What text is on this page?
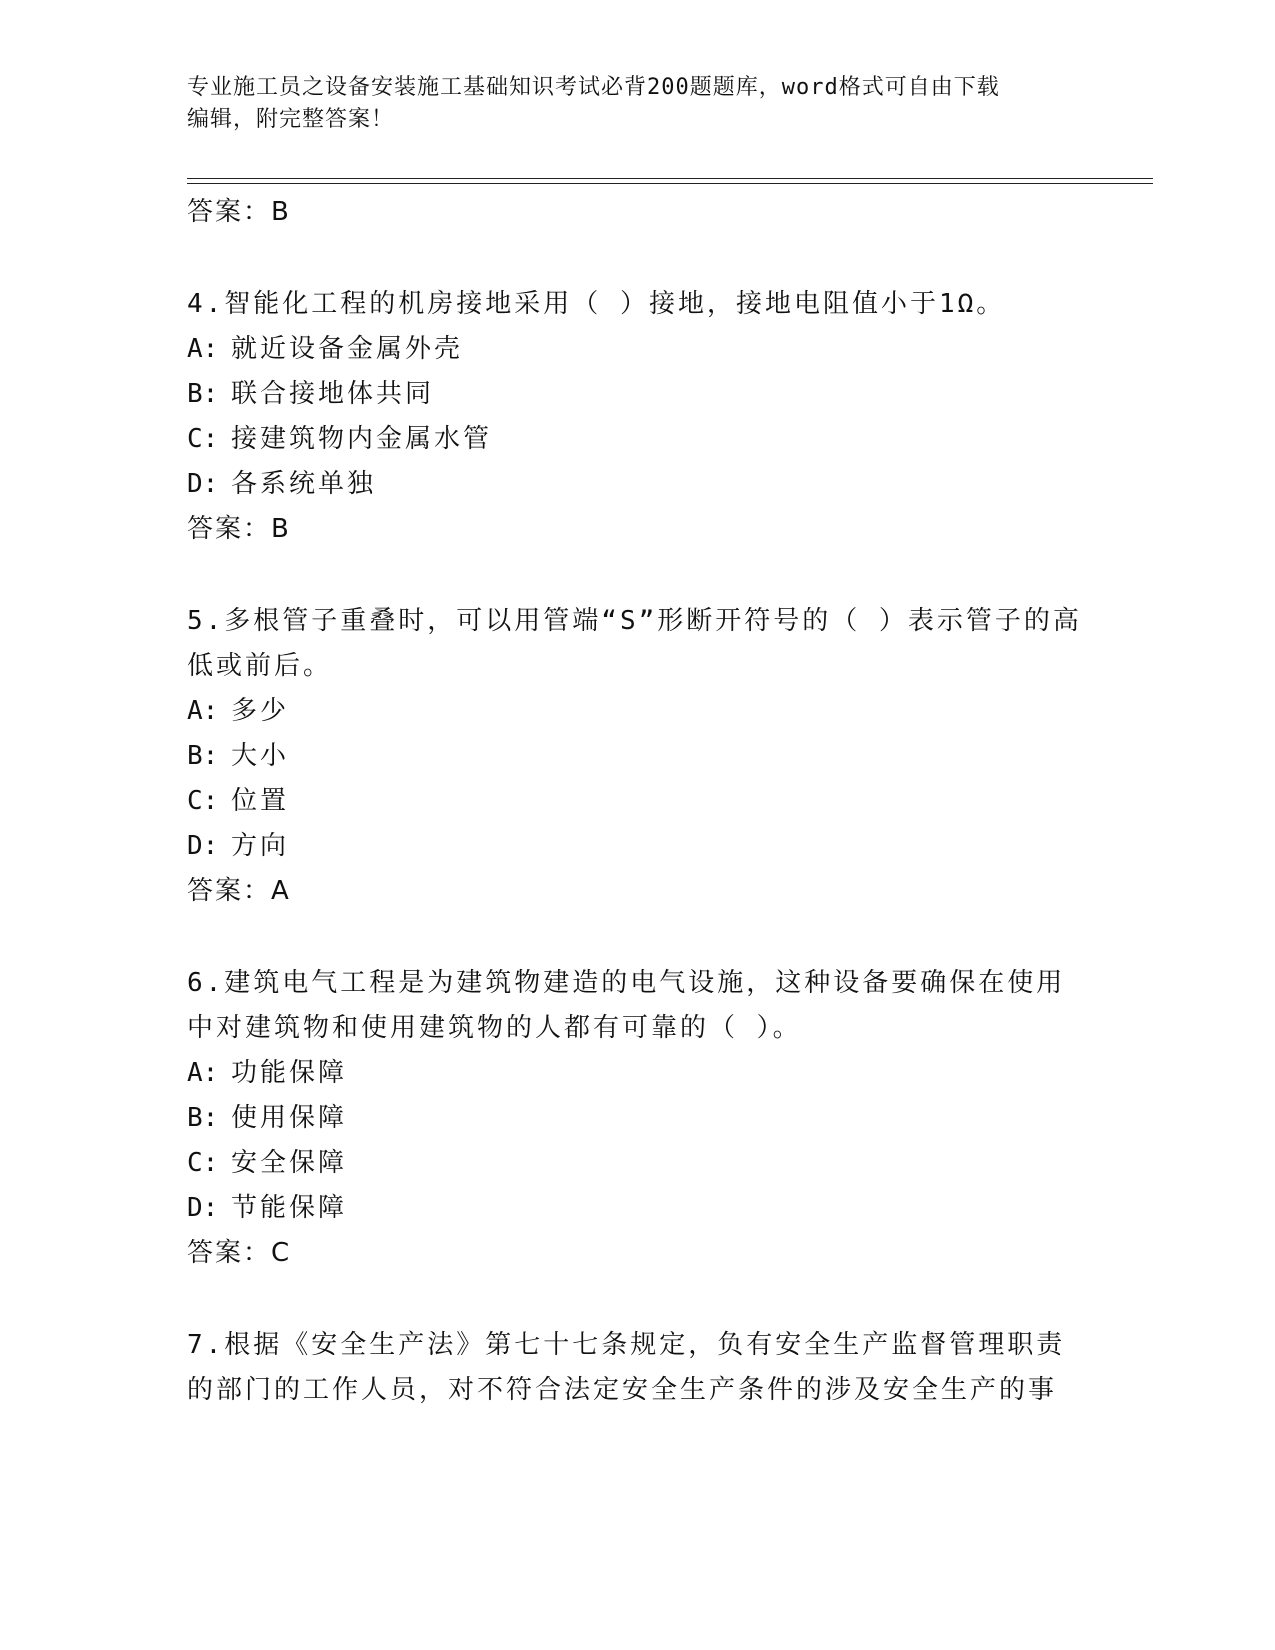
专业施工员之设备安装施工基础知识考试必背200题题库，word格式可自由下载
编辑，附完整答案！
答案：B
4.智能化工程的机房接地采用（ ）接地，接地电阻值小于1Ω。
A: 就近设备金属外壳
B: 联合接地体共同
C: 接建筑物内金属水管
D: 各系统单独
答案：B
5.多根管子重叠时，可以用管端“S”形断开符号的（ ）表示管子的高低或前后。
A: 多少
B: 大小
C: 位置
D: 方向
答案：A
6.建筑电气工程是为建筑物建造的电气设施，这种设备要确保在使用中对建筑物和使用建筑物的人都有可靠的（ ）。
A: 功能保障
B: 使用保障
C: 安全保障
D: 节能保障
答案：C
7.根据《安全生产法》第七十七条规定，负有安全生产监督管理职责的部门的工作人员，对不符合法定安全生产条件的涉及安全生产的事
